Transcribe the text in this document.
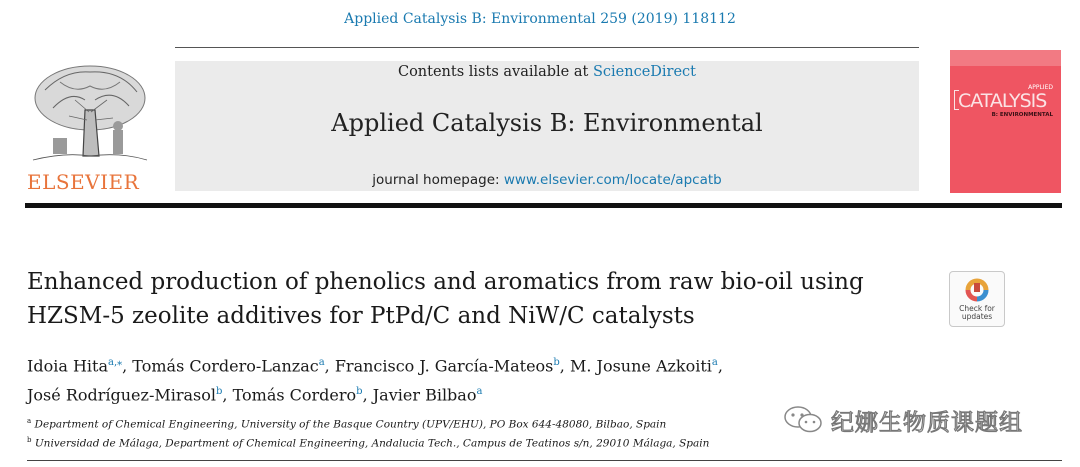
Applied Catalysis B: Environmental 259 (2019) 118112
ELSEVIER
Contents lists available at ScienceDirect
Applied Catalysis B: Environmental
journal homepage: www.elsevier.com/locate/apcatb
APPLIED
CATALYSIS
B: ENVIRONMENTAL
Enhanced production of phenolics and aromatics from raw bio-oil using
HZSM-5 zeolite additives for PtPd/C and NiW/C catalysts	Check for
updates
Idoia Hita$^{a,⁎}$, Tomás Cordero-Lanzac$^a$, Francisco J. García-Mateos$^b$, M. Josune Azkoiti$^a$,
José Rodríguez-Mirasol$^b$, Tomás Cordero$^b$, Javier Bilbao$^a$
$^a$ Department of Chemical Engineering, University of the Basque Country (UPV/EHU), PO Box 644-48080, Bilbao, Spain
$^b$ Universidad de Málaga, Department of Chemical Engineering, Andalucia Tech., Campus de Teatinos s/n, 29010 Málaga, Spain
纪娜生物质课题组
